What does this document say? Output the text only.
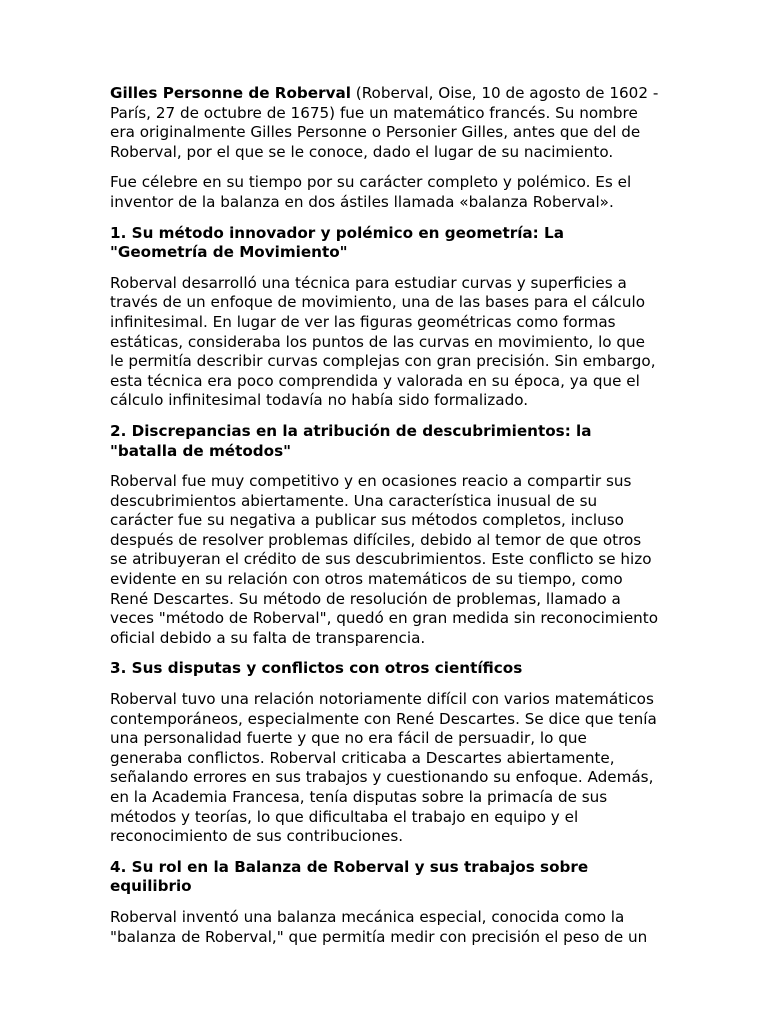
Gilles Personne de Roberval (Roberval, Oise, 10 de agosto de 1602 - París, 27 de octubre de 1675) fue un matemático francés. Su nombre era originalmente Gilles Personne o Personier Gilles, antes que del de Roberval, por el que se le conoce, dado el lugar de su nacimiento.

Fue célebre en su tiempo por su carácter completo y polémico. Es el inventor de la balanza en dos ástiles llamada «balanza Roberval».

1. Su método innovador y polémico en geometría: La "Geometría de Movimiento"

Roberval desarrolló una técnica para estudiar curvas y superficies a través de un enfoque de movimiento, una de las bases para el cálculo infinitesimal. En lugar de ver las figuras geométricas como formas estáticas, consideraba los puntos de las curvas en movimiento, lo que le permitía describir curvas complejas con gran precisión. Sin embargo, esta técnica era poco comprendida y valorada en su época, ya que el cálculo infinitesimal todavía no había sido formalizado.

2. Discrepancias en la atribución de descubrimientos: la "batalla de métodos"

Roberval fue muy competitivo y en ocasiones reacio a compartir sus descubrimientos abiertamente. Una característica inusual de su carácter fue su negativa a publicar sus métodos completos, incluso después de resolver problemas difíciles, debido al temor de que otros se atribuyeran el crédito de sus descubrimientos. Este conflicto se hizo evidente en su relación con otros matemáticos de su tiempo, como René Descartes. Su método de resolución de problemas, llamado a veces "método de Roberval", quedó en gran medida sin reconocimiento oficial debido a su falta de transparencia.

3. Sus disputas y conflictos con otros científicos

Roberval tuvo una relación notoriamente difícil con varios matemáticos contemporáneos, especialmente con René Descartes. Se dice que tenía una personalidad fuerte y que no era fácil de persuadir, lo que generaba conflictos. Roberval criticaba a Descartes abiertamente, señalando errores en sus trabajos y cuestionando su enfoque. Además, en la Academia Francesa, tenía disputas sobre la primacía de sus métodos y teorías, lo que dificultaba el trabajo en equipo y el reconocimiento de sus contribuciones.

4. Su rol en la Balanza de Roberval y sus trabajos sobre equilibrio

Roberval inventó una balanza mecánica especial, conocida como la "balanza de Roberval," que permitía medir con precisión el peso de un
